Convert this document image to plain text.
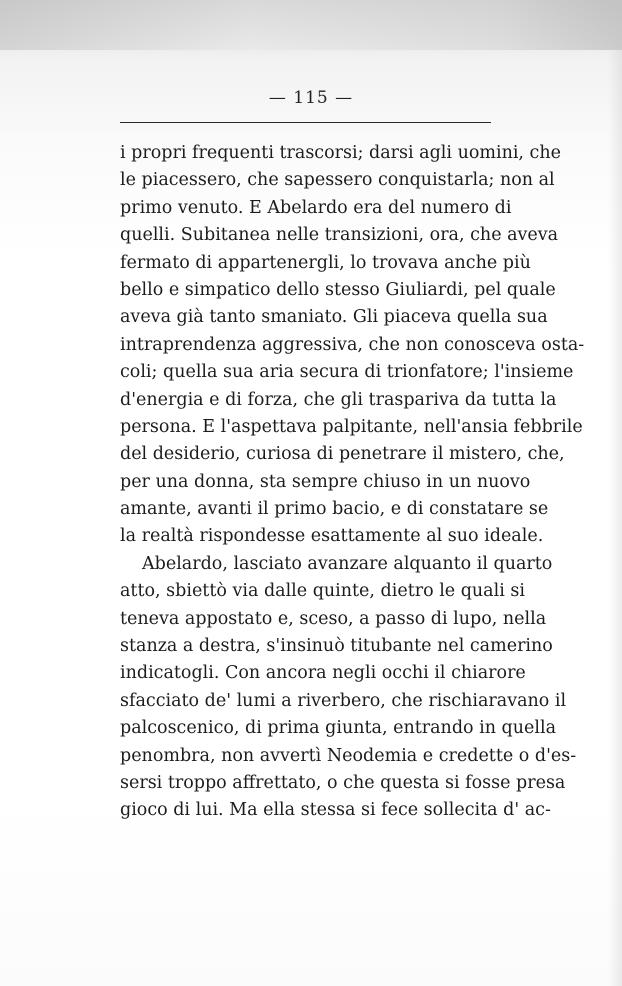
— 115 —
i propri frequenti trascorsi; darsi agli uomini, che
le piacessero, che sapessero conquistarla; non al
primo venuto. E Abelardo era del numero di
quelli. Subitanea nelle transizioni, ora, che aveva
fermato di appartenergli, lo trovava anche più
bello e simpatico dello stesso Giuliardi, pel quale
aveva già tanto smaniato. Gli piaceva quella sua
intraprendenza aggressiva, che non conosceva osta-
coli; quella sua aria secura di trionfatore; l'insieme
d'energia e di forza, che gli traspariva da tutta la
persona. E l'aspettava palpitante, nell'ansia febbrile
del desiderio, curiosa di penetrare il mistero, che,
per una donna, sta sempre chiuso in un nuovo
amante, avanti il primo bacio, e di constatare se
la realtà rispondesse esattamente al suo ideale.
Abelardo, lasciato avanzare alquanto il quarto
atto, sbiettò via dalle quinte, dietro le quali si
teneva appostato e, sceso, a passo di lupo, nella
stanza a destra, s'insinuò titubante nel camerino
indicatogli. Con ancora negli occhi il chiarore
sfacciato de' lumi a riverbero, che rischiaravano il
palcoscenico, di prima giunta, entrando in quella
penombra, non avvertì Neodemia e credette o d'es-
sersi troppo affrettato, o che questa si fosse presa
gioco di lui. Ma ella stessa si fece sollecita d' ac-
